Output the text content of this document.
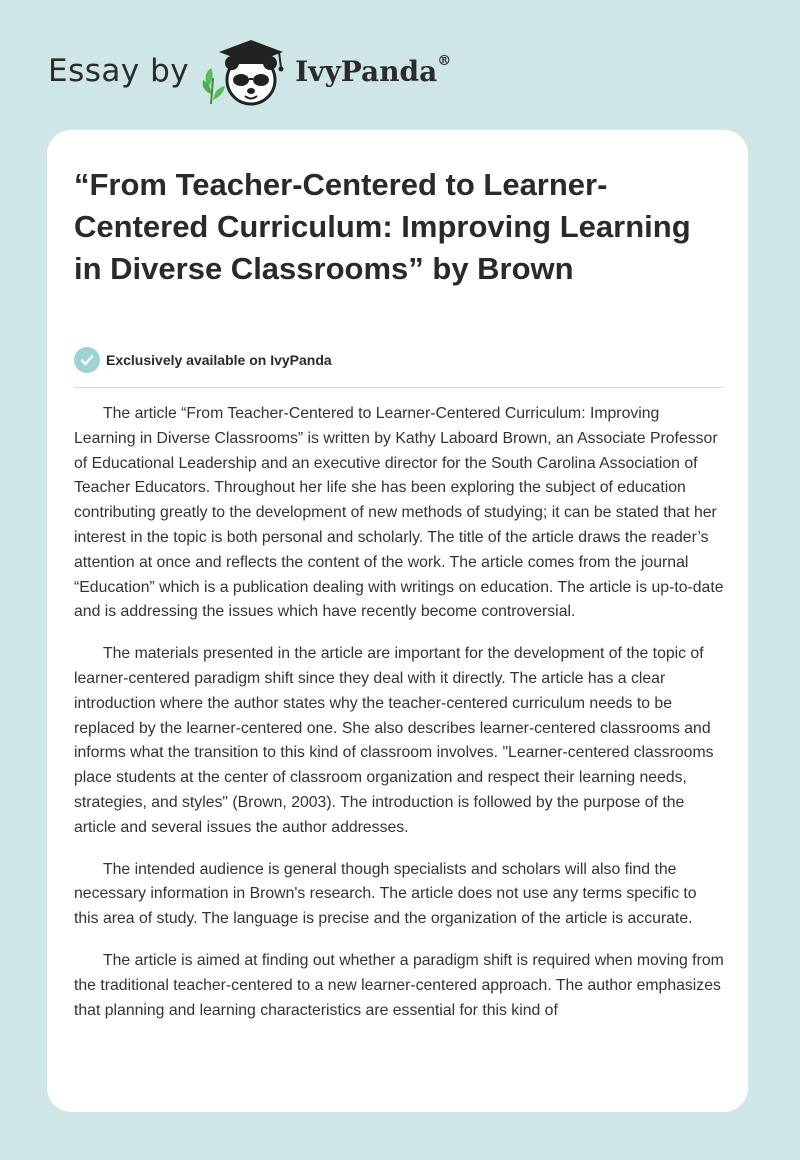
Essay by	IvyPanda®
“From Teacher-Centered to Learner-Centered Curriculum: Improving Learning in Diverse Classrooms” by Brown
Exclusively available on IvyPanda

The article “From Teacher-Centered to Learner-Centered Curriculum: Improving Learning in Diverse Classrooms” is written by Kathy Laboard Brown, an Associate Professor of Educational Leadership and an executive director for the South Carolina Association of Teacher Educators. Throughout her life she has been exploring the subject of education contributing greatly to the development of new methods of studying; it can be stated that her interest in the topic is both personal and scholarly. The title of the article draws the reader’s attention at once and reflects the content of the work. The article comes from the journal “Education” which is a publication dealing with writings on education. The article is up-to-date and is addressing the issues which have recently become controversial.

The materials presented in the article are important for the development of the topic of learner-centered paradigm shift since they deal with it directly. The article has a clear introduction where the author states why the teacher-centered curriculum needs to be replaced by the learner-centered one. She also describes learner-centered classrooms and informs what the transition to this kind of classroom involves. "Learner-centered classrooms place students at the center of classroom organization and respect their learning needs, strategies, and styles" (Brown, 2003). The introduction is followed by the purpose of the article and several issues the author addresses.

The intended audience is general though specialists and scholars will also find the necessary information in Brown's research. The article does not use any terms specific to this area of study. The language is precise and the organization of the article is accurate.

The article is aimed at finding out whether a paradigm shift is required when moving from the traditional teacher-centered to a new learner-centered approach. The author emphasizes that planning and learning characteristics are essential for this kind of
